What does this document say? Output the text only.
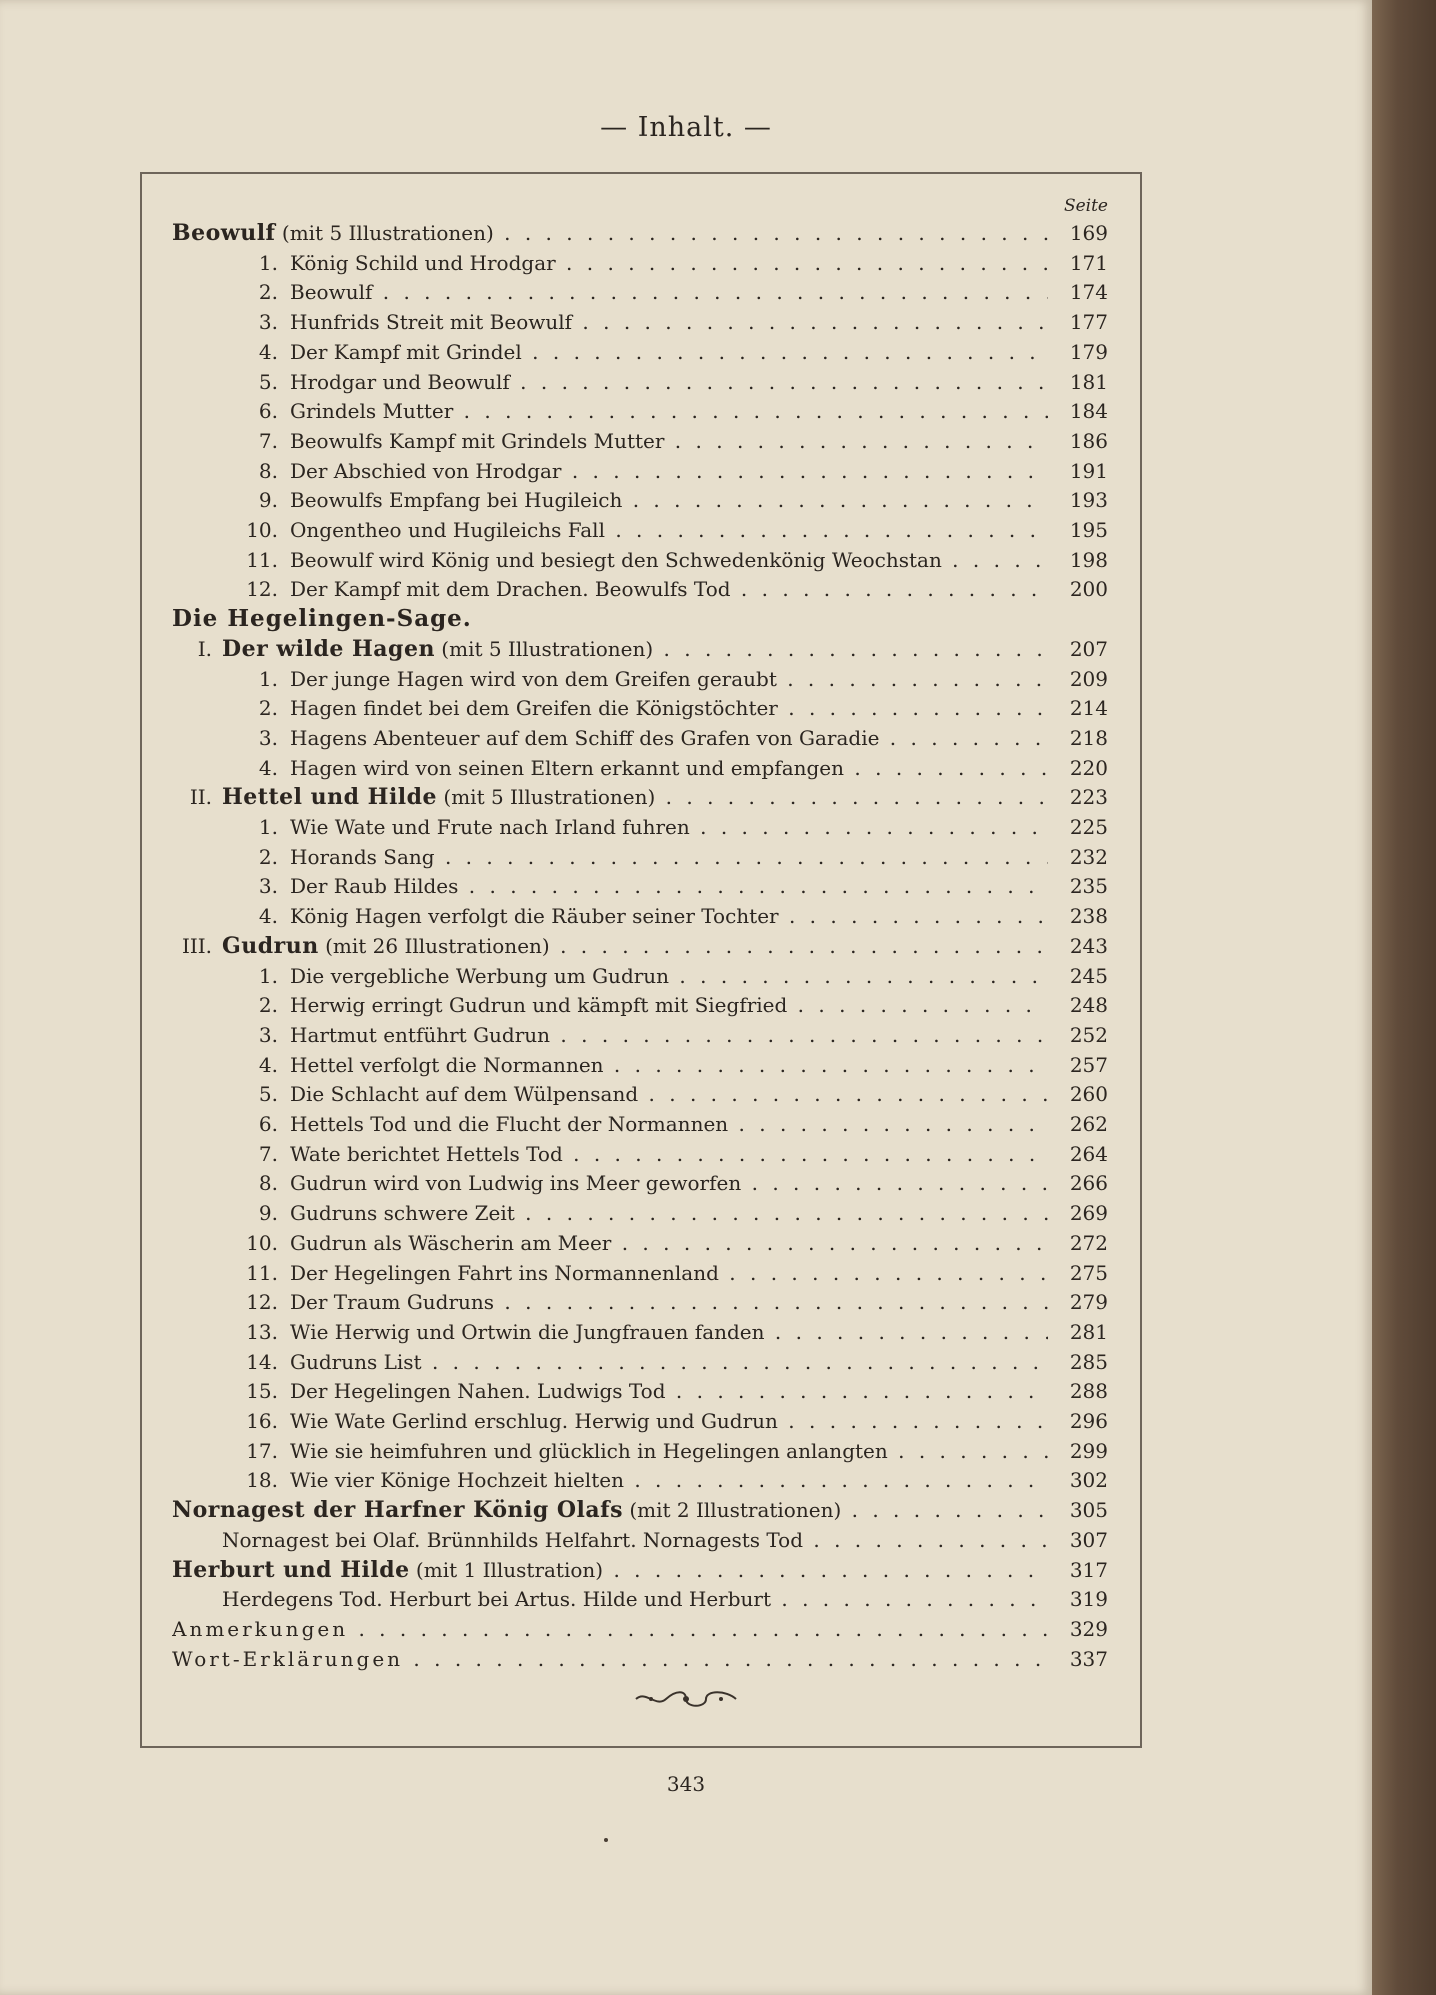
— Inhalt. —
Seite
Beowulf (mit 5 Illustrationen) . . .	169
1. König Schild und Hrodgar . . .	171
2. Beowulf . . .	174
3. Hunfrids Streit mit Beowulf . . .	177
4. Der Kampf mit Grindel . . .	179
5. Hrodgar und Beowulf . . .	181
6. Grindels Mutter . . .	184
7. Beowulfs Kampf mit Grindels Mutter . . .	186
8. Der Abschied von Hrodgar . . .	191
9. Beowulfs Empfang bei Hugileich . . .	193
10. Ongentheo und Hugileichs Fall . . .	195
11. Beowulf wird König und besiegt den Schwedenkönig Weochstan . . .	198
12. Der Kampf mit dem Drachen. Beowulfs Tod . . .	200
Die Hegelingen-Sage.
I. Der wilde Hagen (mit 5 Illustrationen) . . .	207
1. Der junge Hagen wird von dem Greifen geraubt . . .	209
2. Hagen findet bei dem Greifen die Königstöchter . . .	214
3. Hagens Abenteuer auf dem Schiff des Grafen von Garadie . . .	218
4. Hagen wird von seinen Eltern erkannt und empfangen . . .	220
II. Hettel und Hilde (mit 5 Illustrationen) . . .	223
1. Wie Wate und Frute nach Irland fuhren . . .	225
2. Horands Sang . . .	232
3. Der Raub Hildes . . .	235
4. König Hagen verfolgt die Räuber seiner Tochter . . .	238
III. Gudrun (mit 26 Illustrationen) . . .	243
1. Die vergebliche Werbung um Gudrun . . .	245
2. Herwig erringt Gudrun und kämpft mit Siegfried . . .	248
3. Hartmut entführt Gudrun . . .	252
4. Hettel verfolgt die Normannen . . .	257
5. Die Schlacht auf dem Wülpensand . . .	260
6. Hettels Tod und die Flucht der Normannen . . .	262
7. Wate berichtet Hettels Tod . . .	264
8. Gudrun wird von Ludwig ins Meer geworfen . . .	266
9. Gudruns schwere Zeit . . .	269
10. Gudrun als Wäscherin am Meer . . .	272
11. Der Hegelingen Fahrt ins Normannenland . . .	275
12. Der Traum Gudruns . . .	279
13. Wie Herwig und Ortwin die Jungfrauen fanden . . .	281
14. Gudruns List . . .	285
15. Der Hegelingen Nahen. Ludwigs Tod . . .	288
16. Wie Wate Gerlind erschlug. Herwig und Gudrun . . .	296
17. Wie sie heimfuhren und glücklich in Hegelingen anlangten . . .	299
18. Wie vier Könige Hochzeit hielten . . .	302
Nornagest der Harfner König Olafs (mit 2 Illustrationen) . . .	305
Nornagest bei Olaf. Brünnhilds Helfahrt. Nornagests Tod . . .	307
Herburt und Hilde (mit 1 Illustration) . . .	317
Herdegens Tod. Herburt bei Artus. Hilde und Herburt . . .	319
Anmerkungen . . .	329
Wort-Erklärungen . . .	337
343
